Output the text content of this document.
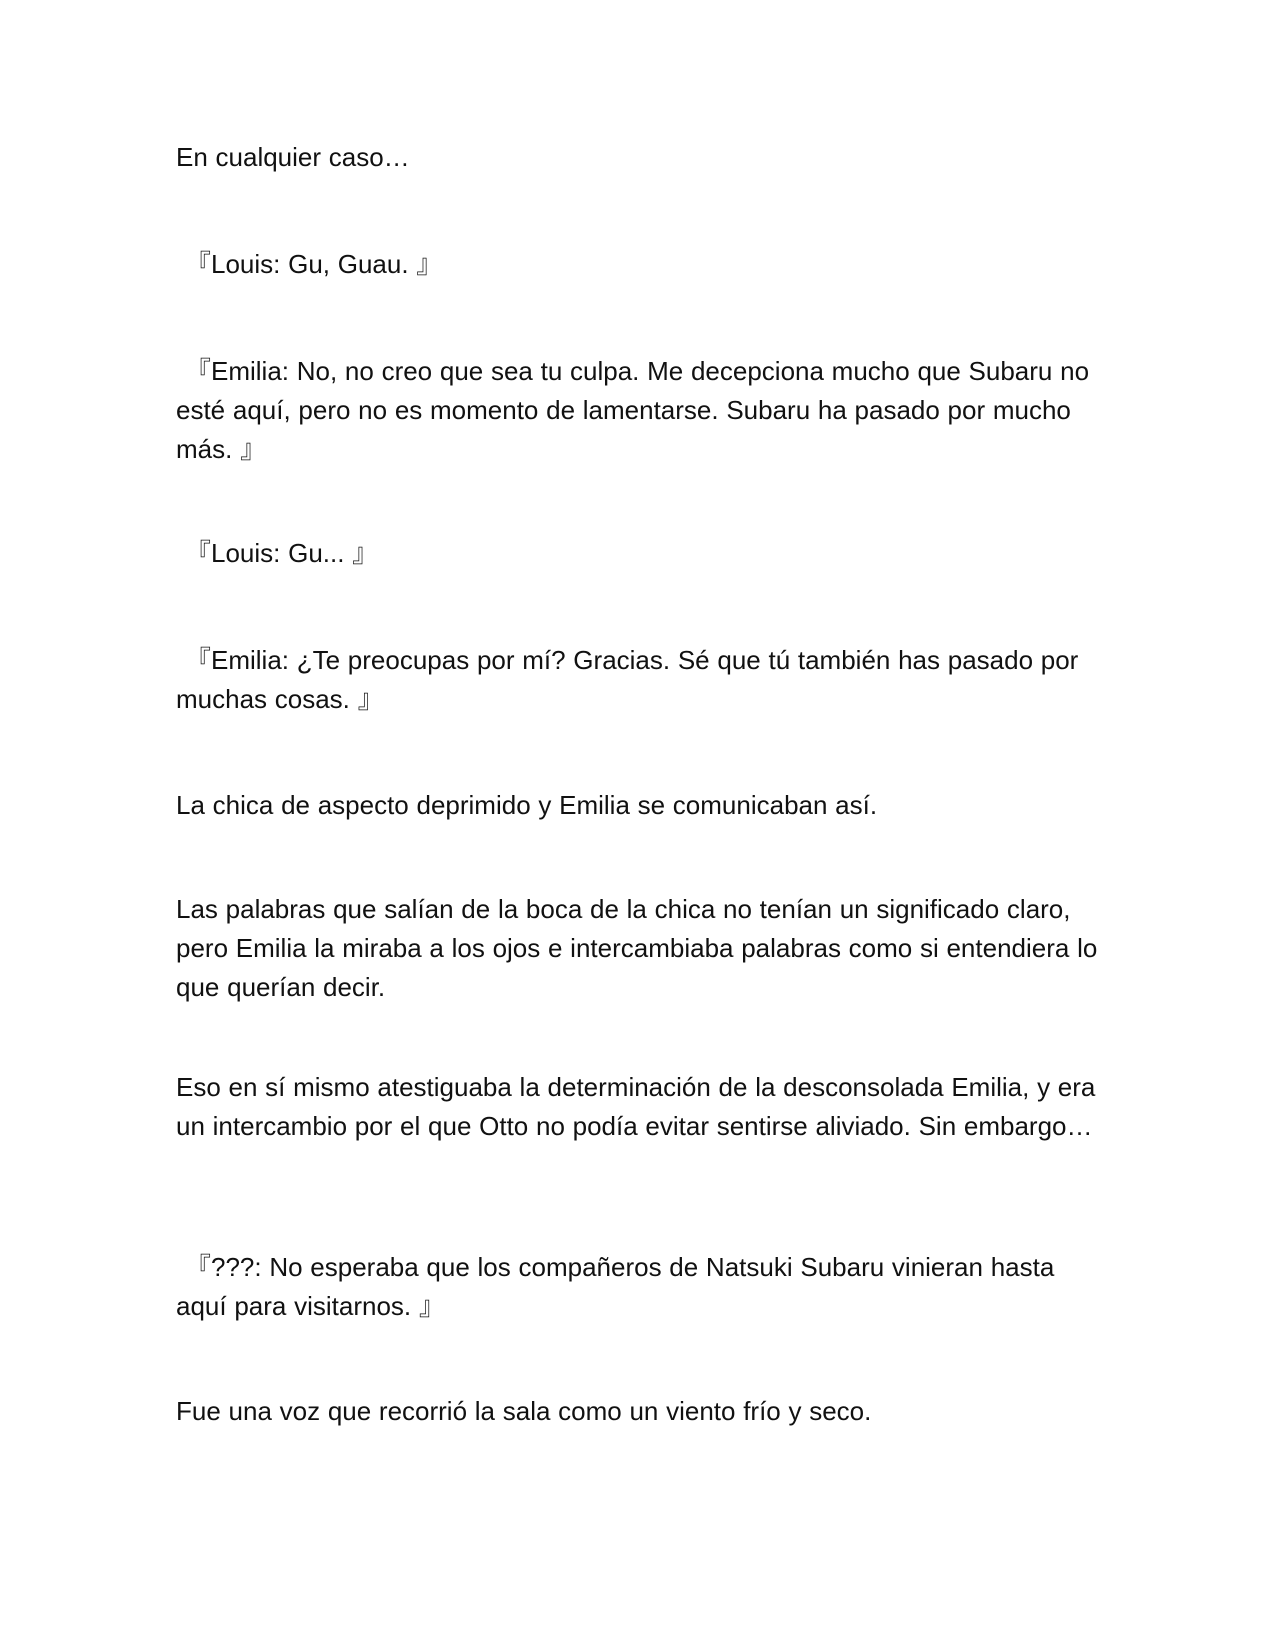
En cualquier caso…

『Louis: Gu, Guau. 』

『Emilia: No, no creo que sea tu culpa. Me decepciona mucho que Subaru no esté aquí, pero no es momento de lamentarse. Subaru ha pasado por mucho más. 』

『Louis: Gu... 』

『Emilia: ¿Te preocupas por mí? Gracias. Sé que tú también has pasado por muchas cosas. 』

La chica de aspecto deprimido y Emilia se comunicaban así.

Las palabras que salían de la boca de la chica no tenían un significado claro, pero Emilia la miraba a los ojos e intercambiaba palabras como si entendiera lo que querían decir.

Eso en sí mismo atestiguaba la determinación de la desconsolada Emilia, y era un intercambio por el que Otto no podía evitar sentirse aliviado. Sin embargo…

『???: No esperaba que los compañeros de Natsuki Subaru vinieran hasta aquí para visitarnos. 』

Fue una voz que recorrió la sala como un viento frío y seco.
